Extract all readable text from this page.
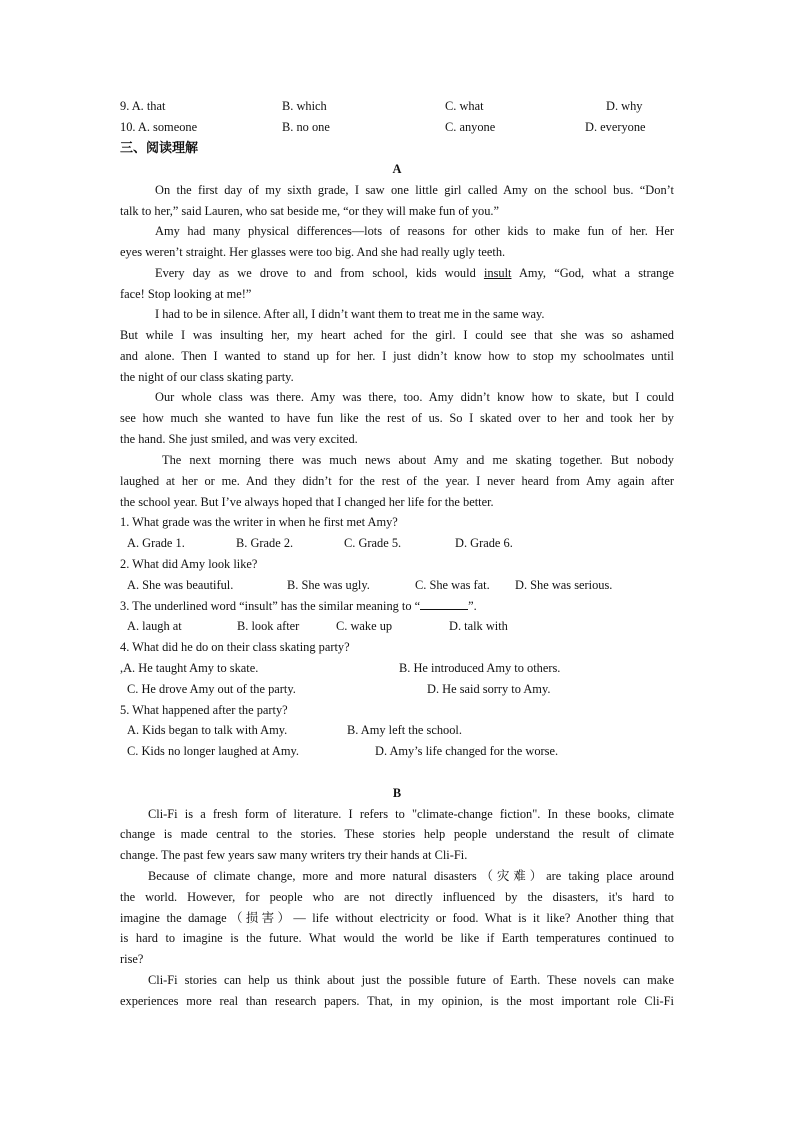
9. A. that	B. which	C. what	D. why
10. A. someone	B. no one	C. anyone	D. everyone
三、阅读理解
A
On the first day of my sixth grade, I saw one little girl called Amy on the school bus. “Don’t
talk to her,” said Lauren, who sat beside me, “or they will make fun of you.”
Amy had many physical differences—lots of reasons for other kids to make fun of her. Her
eyes weren’t straight. Her glasses were too big. And she had really ugly teeth.
Every day as we drove to and from school, kids would insult Amy, “God, what a strange
face! Stop looking at me!”
I had to be in silence. After all, I didn’t want them to treat me in the same way.
But while I was insulting her, my heart ached for the girl. I could see that she was so ashamed
and alone. Then I wanted to stand up for her. I just didn’t know how to stop my schoolmates until
the night of our class skating party.
Our whole class was there. Amy was there, too. Amy didn’t know how to skate, but I could
see how much she wanted to have fun like the rest of us. So I skated over to her and took her by
the hand. She just smiled, and was very excited.
The next morning there was much news about Amy and me skating together. But nobody
laughed at her or me. And they didn’t for the rest of the year. I never heard from Amy again after
the school year. But I’ve always hoped that I changed her life for the better.
1. What grade was the writer in when he first met Amy?
A. Grade 1.	B. Grade 2.	C. Grade 5.	D. Grade 6.
2. What did Amy look like?
A. She was beautiful.	B. She was ugly.	C. She was fat. D. She was serious.
3. The underlined word “insult” has the similar meaning to “	”.
A. laugh at	B. look after	C. wake up	D. talk with
4. What did he do on their class skating party?
,A. He taught Amy to skate.	B. He introduced Amy to others.
C. He drove Amy out of the party.	D. He said sorry to Amy.
5. What happened after the party?
A. Kids began to talk with Amy.	B. Amy left the school.
C. Kids no longer laughed at Amy.	D. Amy’s life changed for the worse.
B
Cli-Fi is a fresh form of literature. I refers to "climate-change fiction". In these books, climate
change is made central to the stories. These stories help people understand the result of climate
change. The past few years saw many writers try their hands at Cli-Fi.
Because of climate change, more and more natural disasters（灾难）are taking place around
the world. However, for people who are not directly influenced by the disasters, it's hard to
imagine the damage（损害）— life without electricity or food. What is it like? Another thing that
is hard to imagine is the future. What would the world be like if Earth temperatures continued to
rise?
Cli-Fi stories can help us think about just the possible future of Earth. These novels can make
experiences more real than research papers. That, in my opinion, is the most important role Cli-Fi
